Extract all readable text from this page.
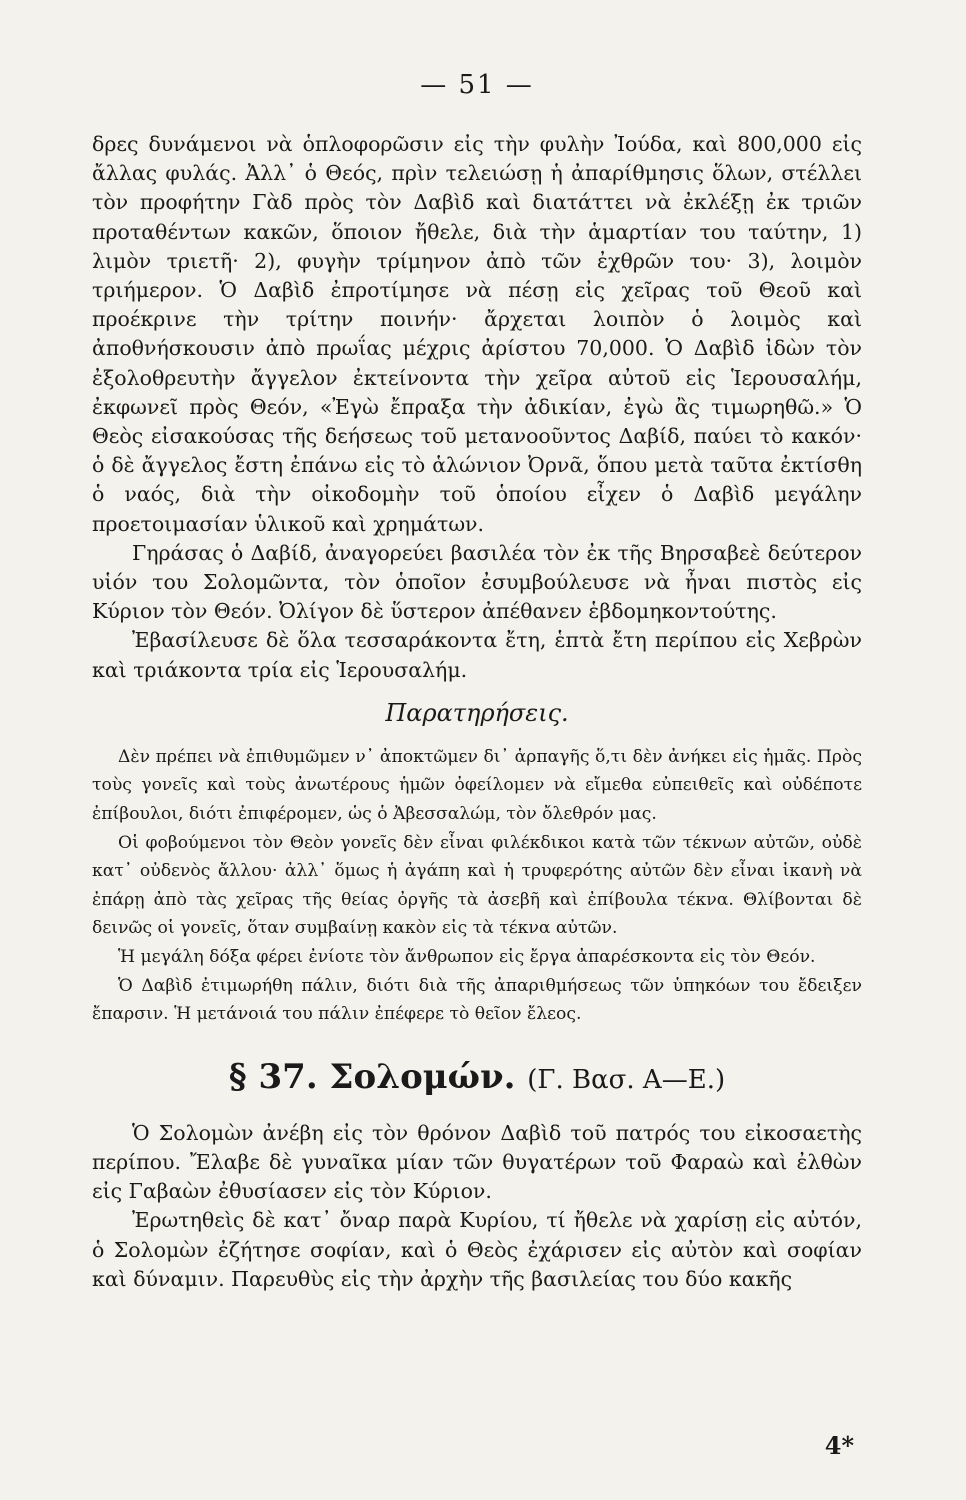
— 51 —

δρες δυνάμενοι νὰ ὁπλοφορῶσιν εἰς τὴν φυλὴν Ἰούδα, καὶ 800,000 εἰς ἄλλας φυλάς. Ἀλλ᾽ ὁ Θεός, πρὶν τελειώσῃ ἡ ἀπαρίθμησις ὅλων, στέλλει τὸν προφήτην Γὰδ πρὸς τὸν Δαβὶδ καὶ διατάττει νὰ ἐκλέξῃ ἐκ τριῶν προταθέντων κακῶν, ὅποιον ἤθελε, διὰ τὴν ἁμαρτίαν του ταύτην, 1) λιμὸν τριετῆ· 2), φυγὴν τρίμηνον ἀπὸ τῶν ἐχθρῶν του· 3), λοιμὸν τριήμερον. Ὁ Δαβὶδ ἐπροτίμησε νὰ πέσῃ εἰς χεῖρας τοῦ Θεοῦ καὶ προέκρινε τὴν τρίτην ποινήν· ἄρχεται λοιπὸν ὁ λοιμὸς καὶ ἀποθνήσκουσιν ἀπὸ πρωΐας μέχρις ἀρίστου 70,000. Ὁ Δαβὶδ ἰδὼν τὸν ἐξολοθρευτὴν ἄγγελον ἐκτείνοντα τὴν χεῖρα αὐτοῦ εἰς Ἱερουσαλήμ, ἐκφωνεῖ πρὸς Θεόν, «Ἐγὼ ἔπραξα τὴν ἀδικίαν, ἐγὼ ἂς τιμωρηθῶ.» Ὁ Θεὸς εἰσακούσας τῆς δεήσεως τοῦ μετανοοῦντος Δαβίδ, παύει τὸ κακόν· ὁ δὲ ἄγγελος ἔστη ἐπάνω εἰς τὸ ἁλώνιον Ὀρνᾶ, ὅπου μετὰ ταῦτα ἐκτίσθη ὁ ναός, διὰ τὴν οἰκοδομὴν τοῦ ὁποίου εἶχεν ὁ Δαβὶδ μεγάλην προετοιμασίαν ὑλικοῦ καὶ χρημάτων.

Γηράσας ὁ Δαβίδ, ἀναγορεύει βασιλέα τὸν ἐκ τῆς Βηρσαβεὲ δεύτερον υἱόν του Σολομῶντα, τὸν ὁποῖον ἐσυμβούλευσε νὰ ἦναι πιστὸς εἰς Κύριον τὸν Θεόν. Ὀλίγον δὲ ὕστερον ἀπέθανεν ἑβδομηκοντούτης.

Ἐβασίλευσε δὲ ὅλα τεσσαράκοντα ἔτη, ἑπτὰ ἔτη περίπου εἰς Χεβρὼν καὶ τριάκοντα τρία εἰς Ἱερουσαλήμ.

Παρατηρήσεις.

Δὲν πρέπει νὰ ἐπιθυμῶμεν ν᾽ ἀποκτῶμεν δι᾽ ἁρπαγῆς ὅ,τι δὲν ἀνήκει εἰς ἡμᾶς. Πρὸς τοὺς γονεῖς καὶ τοὺς ἀνωτέρους ἡμῶν ὀφείλομεν νὰ εἴμεθα εὐπειθεῖς καὶ οὐδέποτε ἐπίβουλοι, διότι ἐπιφέρομεν, ὡς ὁ Ἀβεσσαλώμ, τὸν ὄλεθρόν μας.

Οἱ φοβούμενοι τὸν Θεὸν γονεῖς δὲν εἶναι φιλέκδικοι κατὰ τῶν τέκνων αὐτῶν, οὐδὲ κατ᾽ οὐδενὸς ἄλλου· ἀλλ᾽ ὅμως ἡ ἀγάπη καὶ ἡ τρυφερότης αὐτῶν δὲν εἶναι ἱκανὴ νὰ ἐπάρῃ ἀπὸ τὰς χεῖρας τῆς θείας ὀργῆς τὰ ἀσεβῆ καὶ ἐπίβουλα τέκνα. Θλίβονται δὲ δεινῶς οἱ γονεῖς, ὅταν συμβαίνῃ κακὸν εἰς τὰ τέκνα αὐτῶν.

Ἡ μεγάλη δόξα φέρει ἐνίοτε τὸν ἄνθρωπον εἰς ἔργα ἀπαρέσκοντα εἰς τὸν Θεόν.

Ὁ Δαβὶδ ἐτιμωρήθη πάλιν, διότι διὰ τῆς ἀπαριθμήσεως τῶν ὑπηκόων του ἔδειξεν ἔπαρσιν. Ἡ μετάνοιά του πάλιν ἐπέφερε τὸ θεῖον ἔλεος.

§ 37. Σολομών. (Γ. Βασ. Α—Ε.)

Ὁ Σολομὼν ἀνέβη εἰς τὸν θρόνον Δαβὶδ τοῦ πατρός του εἰκοσαετὴς περίπου. Ἔλαβε δὲ γυναῖκα μίαν τῶν θυγατέρων τοῦ Φαραὼ καὶ ἐλθὼν εἰς Γαβαὼν ἐθυσίασεν εἰς τὸν Κύριον.

Ἐρωτηθεὶς δὲ κατ᾽ ὄναρ παρὰ Κυρίου, τί ἤθελε νὰ χαρίσῃ εἰς αὐτόν, ὁ Σολομὼν ἐζήτησε σοφίαν, καὶ ὁ Θεὸς ἐχάρισεν εἰς αὐτὸν καὶ σοφίαν καὶ δύναμιν. Παρευθὺς εἰς τὴν ἀρχὴν τῆς βασιλείας του δύο κακῆς

4*
